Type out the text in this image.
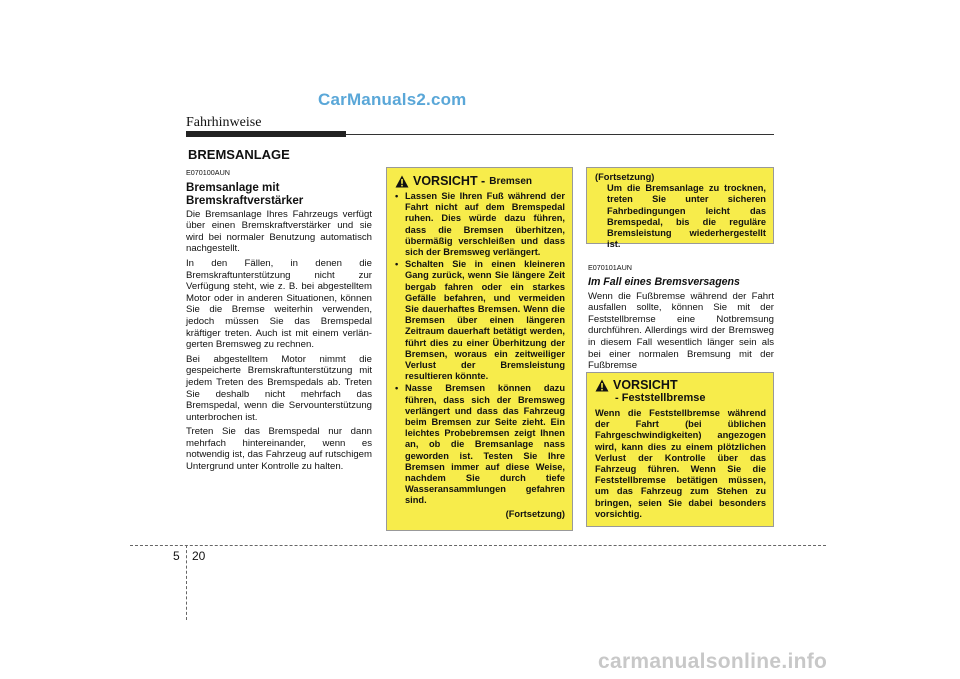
CarManuals2.com
Fahrhinweise
BREMSANLAGE
E070100AUN
Bremsanlage mit Bremskraftverstärker

Die Bremsanlage Ihres Fahrzeugs verfügt über einen Bremskraftverstärker und sie wird bei normaler Benutzung automatisch nachgestellt.

In den Fällen, in denen die Bremskraftunterstützung nicht zur Verfügung steht, wie z. B. bei abgestelltem Motor oder in anderen Situationen, können Sie die Bremse weiterhin verwenden, jedoch müssen Sie das Bremspedal kräftiger treten. Auch ist mit einem verlän-gerten Bremsweg zu rechnen.

Bei abgestelltem Motor nimmt die gespeicherte Bremskraftunterstützung mit jedem Treten des Bremspedals ab. Treten Sie deshalb nicht mehrfach das Bremspedal, wenn die Servounterstützung unterbrochen ist.

Treten Sie das Bremspedal nur dann mehrfach hintereinander, wenn es notwendig ist, das Fahrzeug auf rutschigem Untergrund unter Kontrolle zu halten.

VORSICHT - Bremsen
• Lassen Sie Ihren Fuß während der Fahrt nicht auf dem Bremspedal ruhen. Dies würde dazu führen, dass die Bremsen überhitzen, übermäßig verschleißen und dass sich der Bremsweg verlängert.
• Schalten Sie in einen kleineren Gang zurück, wenn Sie längere Zeit bergab fahren oder ein starkes Gefälle befahren, und vermeiden Sie dauerhaftes Bremsen. Wenn die Bremsen über einen längeren Zeitraum dauerhaft betätigt werden, führt dies zu einer Überhitzung der Bremsen, woraus ein zeitweiliger Verlust der Bremsleistung resultieren könnte.
• Nasse Bremsen können dazu führen, dass sich der Bremsweg verlängert und dass das Fahrzeug beim Bremsen zur Seite zieht. Ein leichtes Probebremsen zeigt Ihnen an, ob die Bremsanlage nass geworden ist. Testen Sie Ihre Bremsen immer auf diese Weise, nachdem Sie durch tiefe Wasseransammlungen gefahren sind.
(Fortsetzung)
(Fortsetzung)
Um die Bremsanlage zu trocknen, treten Sie unter sicheren Fahrbedingungen leicht das Bremspedal, bis die reguläre Bremsleistung wiederhergestellt ist.
E070101AUN
Im Fall eines Bremsversagens

Wenn die Fußbremse während der Fahrt ausfallen sollte, können Sie mit der Feststellbremse eine Notbremsung durchführen. Allerdings wird der Bremsweg in diesem Fall wesentlich länger sein als bei einer normalen Bremsung mit der Fußbremse

VORSICHT
- Feststellbremse
Wenn die Feststellbremse während der Fahrt (bei üblichen Fahrgeschwindigkeiten) angezogen wird, kann dies zu einem plötzlichen Verlust der Kontrolle über das Fahrzeug führen. Wenn Sie die Feststellbremse betätigen müssen, um das Fahrzeug zum Stehen zu bringen, seien Sie dabei besonders vorsichtig.
5 20
carmanualsonline.info
